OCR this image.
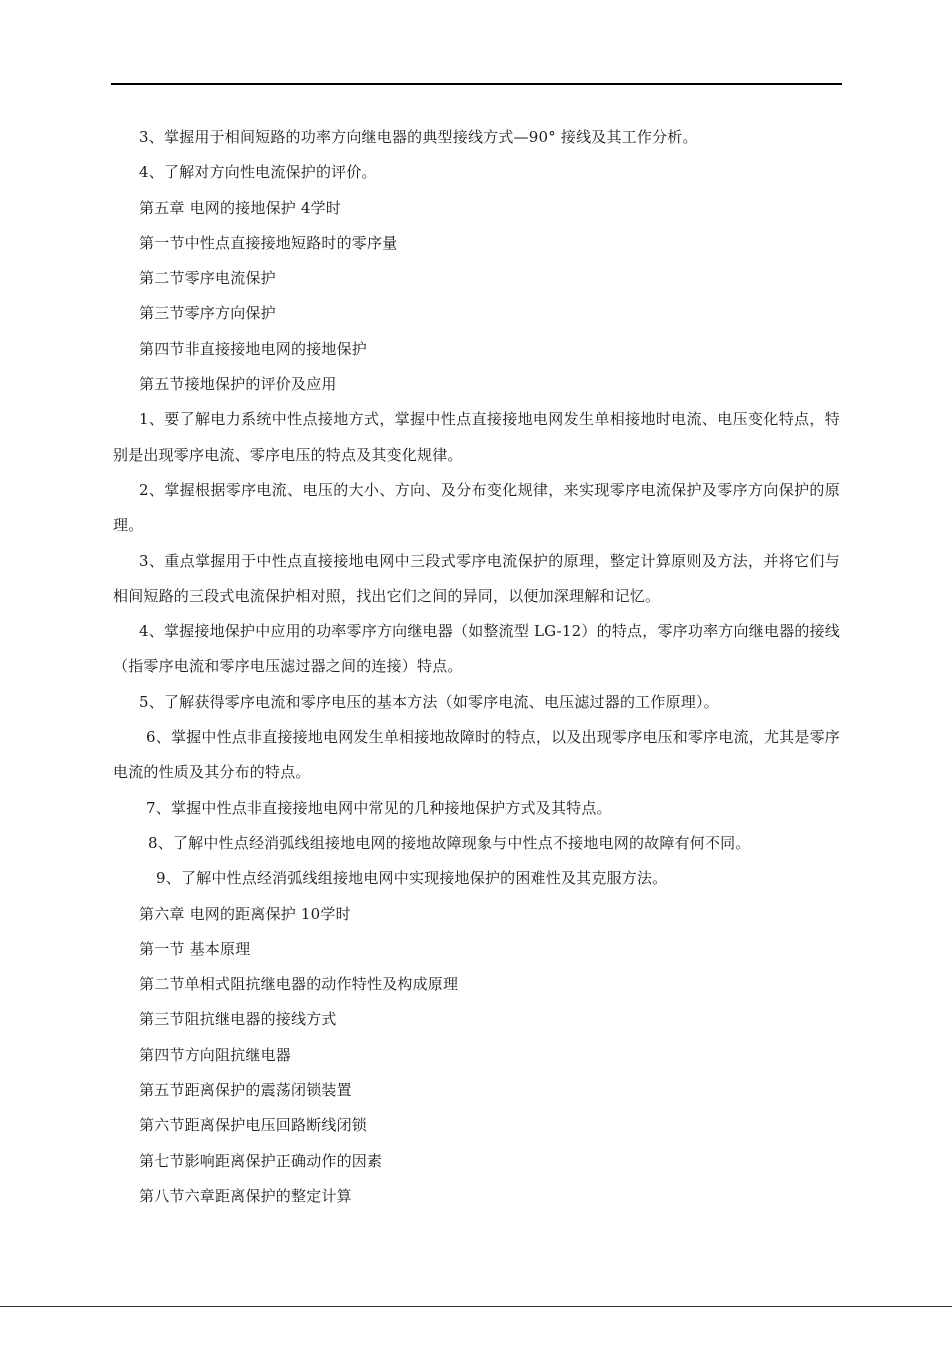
3、掌握用于相间短路的功率方向继电器的典型接线方式—90° 接线及其工作分析。

4、了解对方向性电流保护的评价。

第五章 电网的接地保护 4学时

第一节中性点直接接地短路时的零序量

第二节零序电流保护

第三节零序方向保护

第四节非直接接地电网的接地保护

第五节接地保护的评价及应用

1、要了解电力系统中性点接地方式，掌握中性点直接接地电网发生单相接地时电流、电压变化特点，特别是出现零序电流、零序电压的特点及其变化规律。

2、掌握根据零序电流、电压的大小、方向、及分布变化规律，来实现零序电流保护及零序方向保护的原理。

3、重点掌握用于中性点直接接地电网中三段式零序电流保护的原理，整定计算原则及方法，并将它们与相间短路的三段式电流保护相对照，找出它们之间的异同，以便加深理解和记忆。

4、掌握接地保护中应用的功率零序方向继电器（如整流型 LG-12）的特点，零序功率方向继电器的接线（指零序电流和零序电压滤过器之间的连接）特点。

5、了解获得零序电流和零序电压的基本方法（如零序电流、电压滤过器的工作原理）。

6、掌握中性点非直接接地电网发生单相接地故障时的特点，以及出现零序电压和零序电流，尤其是零序电流的性质及其分布的特点。

7、掌握中性点非直接接地电网中常见的几种接地保护方式及其特点。

8、了解中性点经消弧线组接地电网的接地故障现象与中性点不接地电网的故障有何不同。

9、了解中性点经消弧线组接地电网中实现接地保护的困难性及其克服方法。

第六章 电网的距离保护 10学时

第一节 基本原理

第二节单相式阻抗继电器的动作特性及构成原理

第三节阻抗继电器的接线方式

第四节方向阻抗继电器

第五节距离保护的震荡闭锁装置

第六节距离保护电压回路断线闭锁

第七节影响距离保护正确动作的因素

第八节六章距离保护的整定计算
